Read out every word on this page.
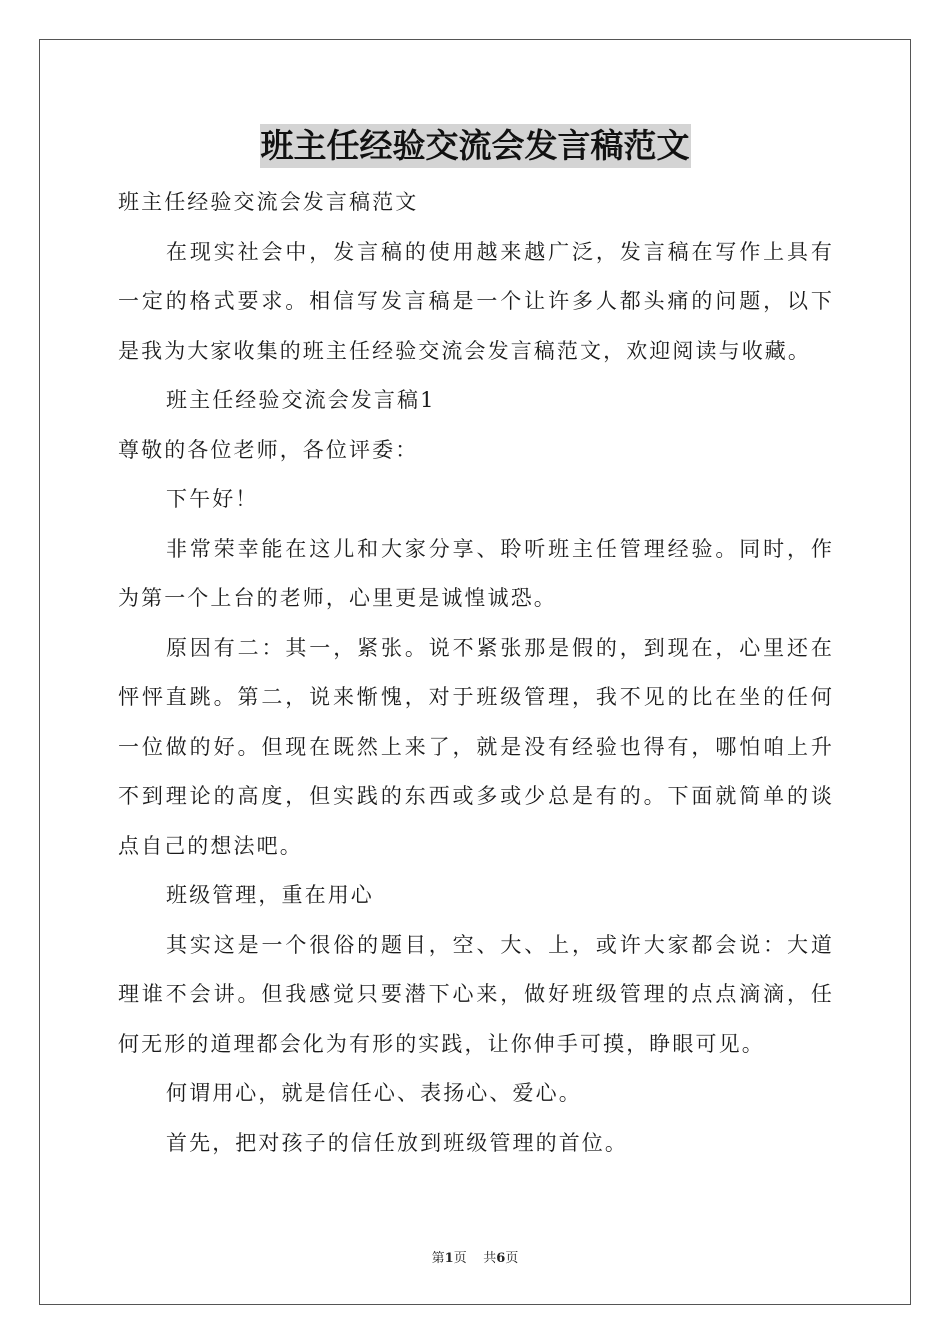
班主任经验交流会发言稿范文

班主任经验交流会发言稿范文

在现实社会中，发言稿的使用越来越广泛，发言稿在写作上具有一定的格式要求。相信写发言稿是一个让许多人都头痛的问题，以下是我为大家收集的班主任经验交流会发言稿范文，欢迎阅读与收藏。

班主任经验交流会发言稿1

尊敬的各位老师，各位评委：

下午好！

非常荣幸能在这儿和大家分享、聆听班主任管理经验。同时，作为第一个上台的老师，心里更是诚惶诚恐。

原因有二：其一，紧张。说不紧张那是假的，到现在，心里还在怦怦直跳。第二，说来惭愧，对于班级管理，我不见的比在坐的任何一位做的好。但现在既然上来了，就是没有经验也得有，哪怕咱上升不到理论的高度，但实践的东西或多或少总是有的。下面就简单的谈点自己的想法吧。

班级管理，重在用心

其实这是一个很俗的题目，空、大、上，或许大家都会说：大道理谁不会讲。但我感觉只要潜下心来，做好班级管理的点点滴滴，任何无形的道理都会化为有形的实践，让你伸手可摸，睁眼可见。

何谓用心，就是信任心、表扬心、爱心。

首先，把对孩子的信任放到班级管理的首位。

第1页 共6页
